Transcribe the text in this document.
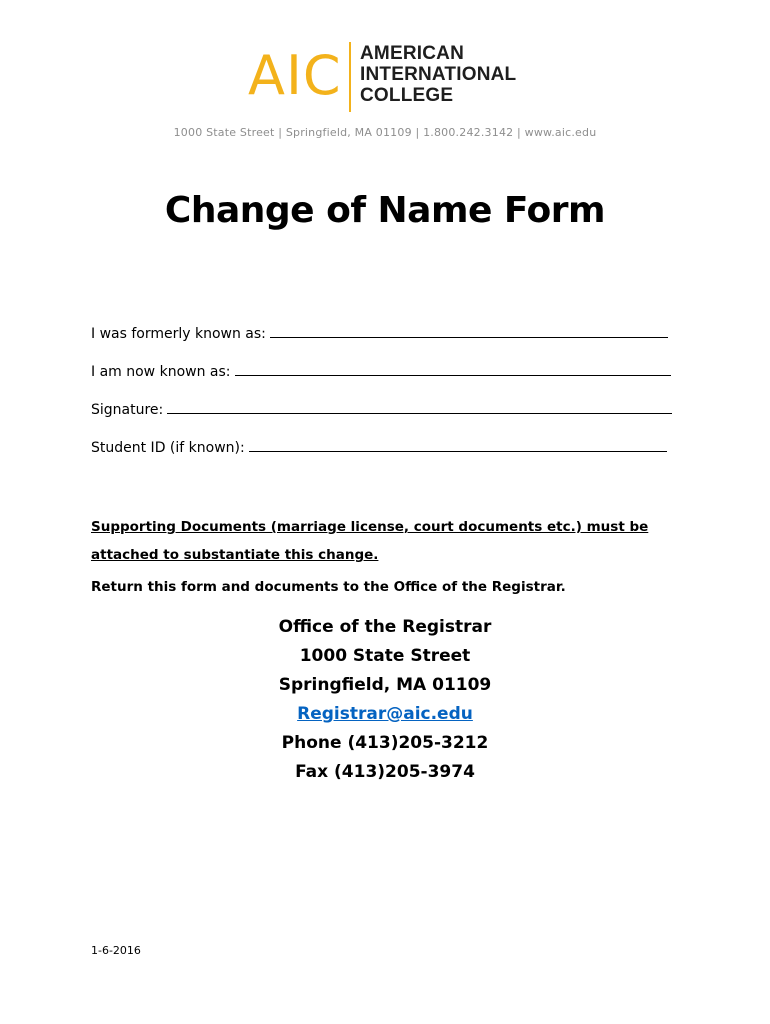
AIC AMERICAN
INTERNATIONAL
COLLEGE
1000 State Street | Springfield, MA 01109 | 1.800.242.3142 | www.aic.edu
Change of Name Form
I was formerly known as:
I am now known as:
Signature:
Student ID (if known):
Supporting Documents (marriage license, court documents etc.) must be attached to substantiate this change.
Return this form and documents to the Office of the Registrar.
Office of the Registrar
1000 State Street
Springfield, MA 01109
Registrar@aic.edu
Phone (413)205-3212
Fax (413)205-3974
1-6-2016
